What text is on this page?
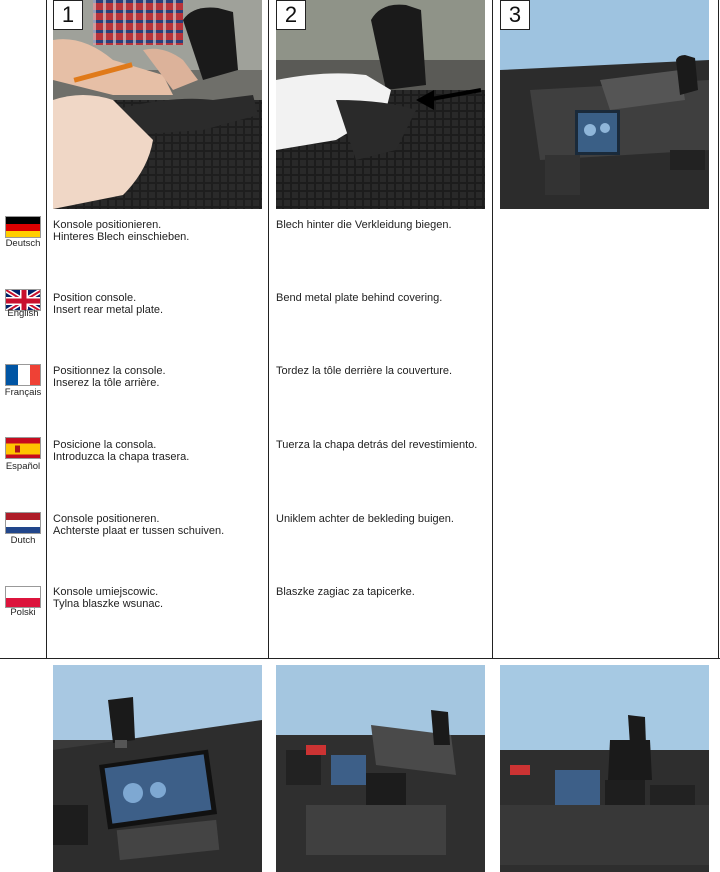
1	2	3
Deutsch
English
Français
Español
Dutch
Polski
Konsole positionieren.
Hinteres Blech einschieben.
Position console.
Insert rear metal plate.
Positionnez la console.
Inserez la tôle arrière.
Posicione la consola.
Introduzca la chapa trasera.
Console positioneren.
Achterste plaat er tussen schuiven.
Konsole umiejscowic.
Tylna blaszke wsunac.
Blech hinter die Verkleidung biegen.
Bend metal plate behind covering.
Tordez la tôle derrière la couverture.
Tuerza la chapa detrás del revestimiento.
Uniklem achter de bekleding buigen.
Blaszke zagiac za tapicerke.
